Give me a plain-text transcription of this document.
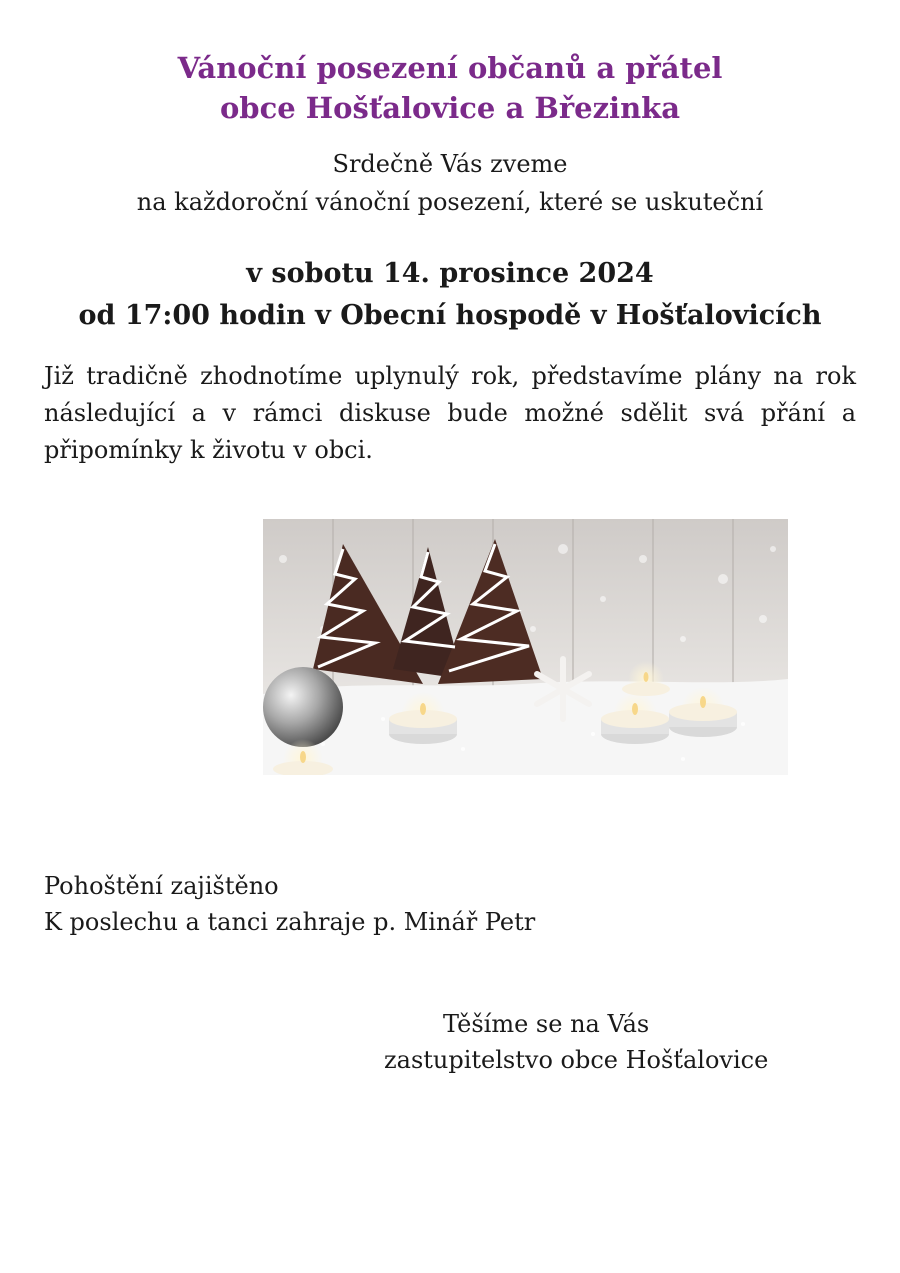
Vánoční posezení občanů a přátel
obce Hošťalovice a Březinka
Srdečně Vás zveme
na každoroční vánoční posezení, které se uskuteční
v sobotu 14. prosince 2024
od 17:00 hodin v Obecní hospodě v Hošťalovicích
Již tradičně zhodnotíme uplynulý rok, představíme plány na rok následující a v rámci diskuse bude možné sdělit svá přání a připomínky k životu v obci.
Pohoštění zajištěno
K poslechu a tanci zahraje p. Minář Petr
Těšíme se na Vás
zastupitelstvo obce Hošťalovice
